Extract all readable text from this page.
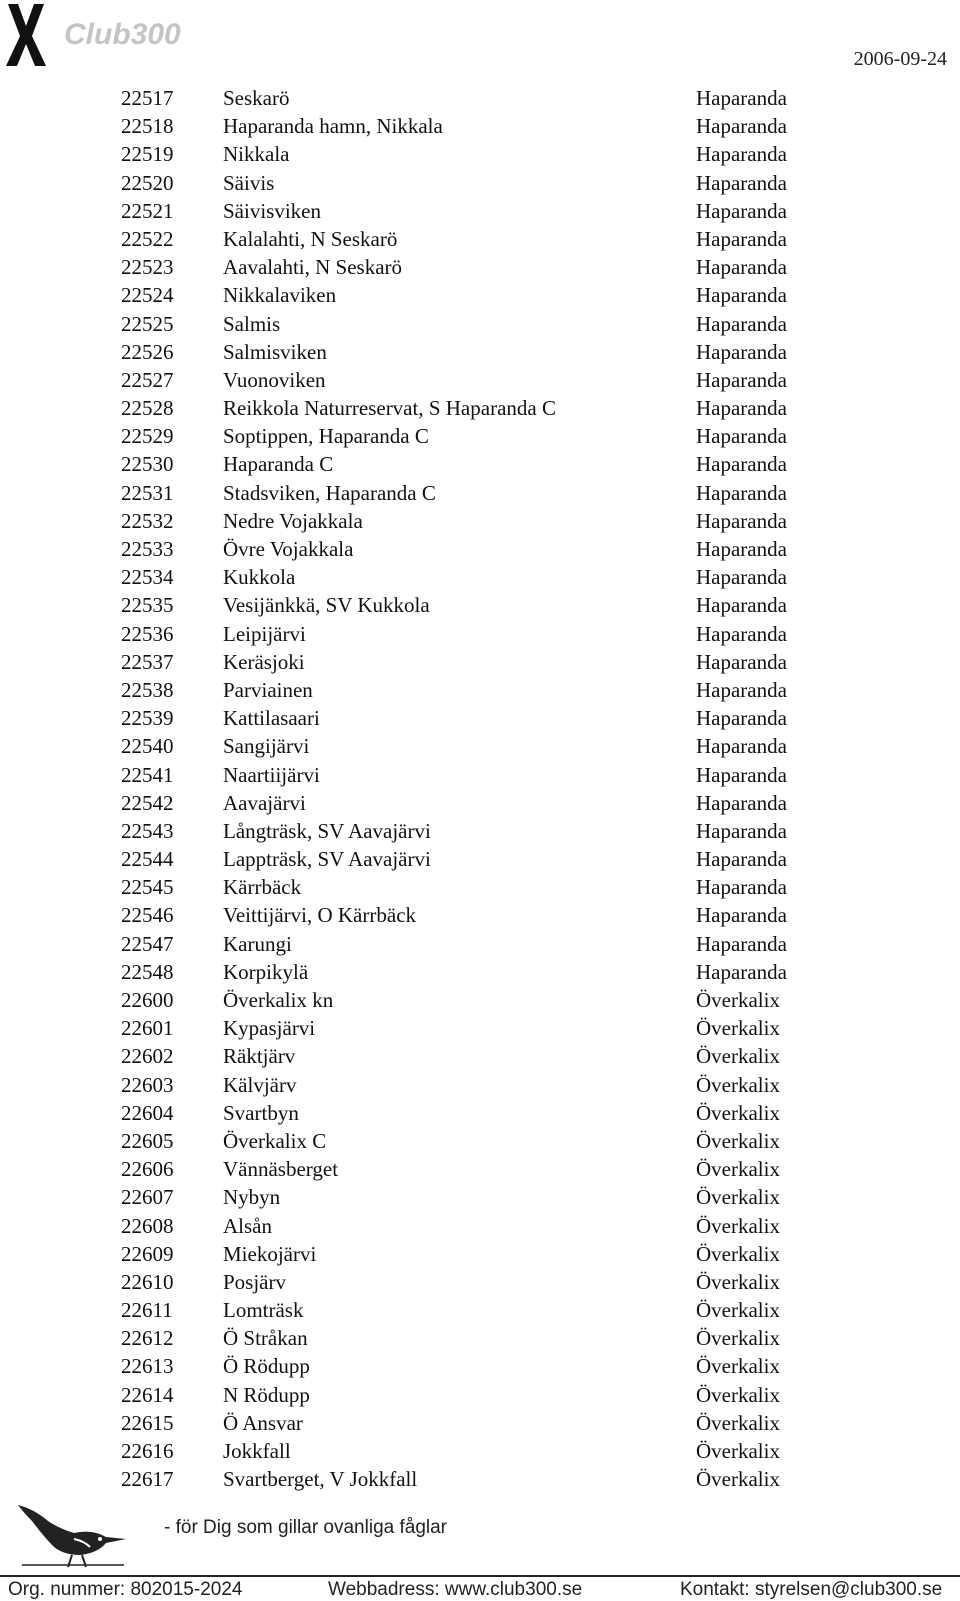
Club300
2006-09-24
22517 Seskarö	Haparanda
22518 Haparanda hamn, Nikkala	Haparanda
22519 Nikkala	Haparanda
22520 Säivis	Haparanda
22521 Säivisviken	Haparanda
22522 Kalalahti, N Seskarö	Haparanda
22523 Aavalahti, N Seskarö	Haparanda
22524 Nikkalaviken	Haparanda
22525 Salmis	Haparanda
22526 Salmisviken	Haparanda
22527 Vuonoviken	Haparanda
22528 Reikkola Naturreservat, S Haparanda C	Haparanda
22529 Soptippen, Haparanda C	Haparanda
22530 Haparanda C	Haparanda
22531 Stadsviken, Haparanda C	Haparanda
22532 Nedre Vojakkala	Haparanda
22533 Övre Vojakkala	Haparanda
22534 Kukkola	Haparanda
22535 Vesijänkkä, SV Kukkola	Haparanda
22536 Leipijärvi	Haparanda
22537 Keräsjoki	Haparanda
22538 Parviainen	Haparanda
22539 Kattilasaari	Haparanda
22540 Sangijärvi	Haparanda
22541 Naartiijärvi	Haparanda
22542 Aavajärvi	Haparanda
22543 Långträsk, SV Aavajärvi	Haparanda
22544 Lappträsk, SV Aavajärvi	Haparanda
22545 Kärrbäck	Haparanda
22546 Veittijärvi, O Kärrbäck	Haparanda
22547 Karungi	Haparanda
22548 Korpikylä	Haparanda
22600 Överkalix kn	Överkalix
22601 Kypasjärvi	Överkalix
22602 Räktjärv	Överkalix
22603 Kälvjärv	Överkalix
22604 Svartbyn	Överkalix
22605 Överkalix C	Överkalix
22606 Vännäsberget	Överkalix
22607 Nybyn	Överkalix
22608 Alsån	Överkalix
22609 Miekojärvi	Överkalix
22610 Posjärv	Överkalix
22611 Lomträsk	Överkalix
22612 Ö Stråkan	Överkalix
22613 Ö Rödupp	Överkalix
22614 N Rödupp	Överkalix
22615 Ö Ansvar	Överkalix
22616 Jokkfall	Överkalix
22617 Svartberget, V Jokkfall	Överkalix
- för Dig som gillar ovanliga fåglar
Org. nummer: 802015-2024	Webbadress: www.club300.se	Kontakt: styrelsen@club300.se
